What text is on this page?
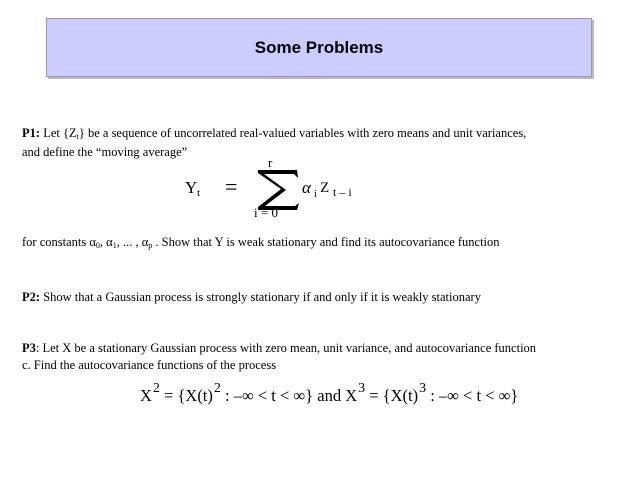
Some Problems
P1: Let $\{Z_t\}$ be a sequence of uncorrelated real-valued variables with zero means and unit variances,
and define the “moving average”
r
Y t =	α i Z t – i
i = 0
for constants $\alpha_0$, $\alpha_1$, ... , $\alpha_p$ . Show that Y is weak stationary and find its autocovariance function
P2: Show that a Gaussian process is strongly stationary if and only if it is weakly stationary
P3: Let X be a stationary Gaussian process with zero mean, unit variance, and autocovariance function
c. Find the autocovariance functions of the process
$X^2 = \{X(t)^2$ : –∞ < t < ∞} and $X^3 = \{X(t)^3$ : –∞ < t < ∞}
